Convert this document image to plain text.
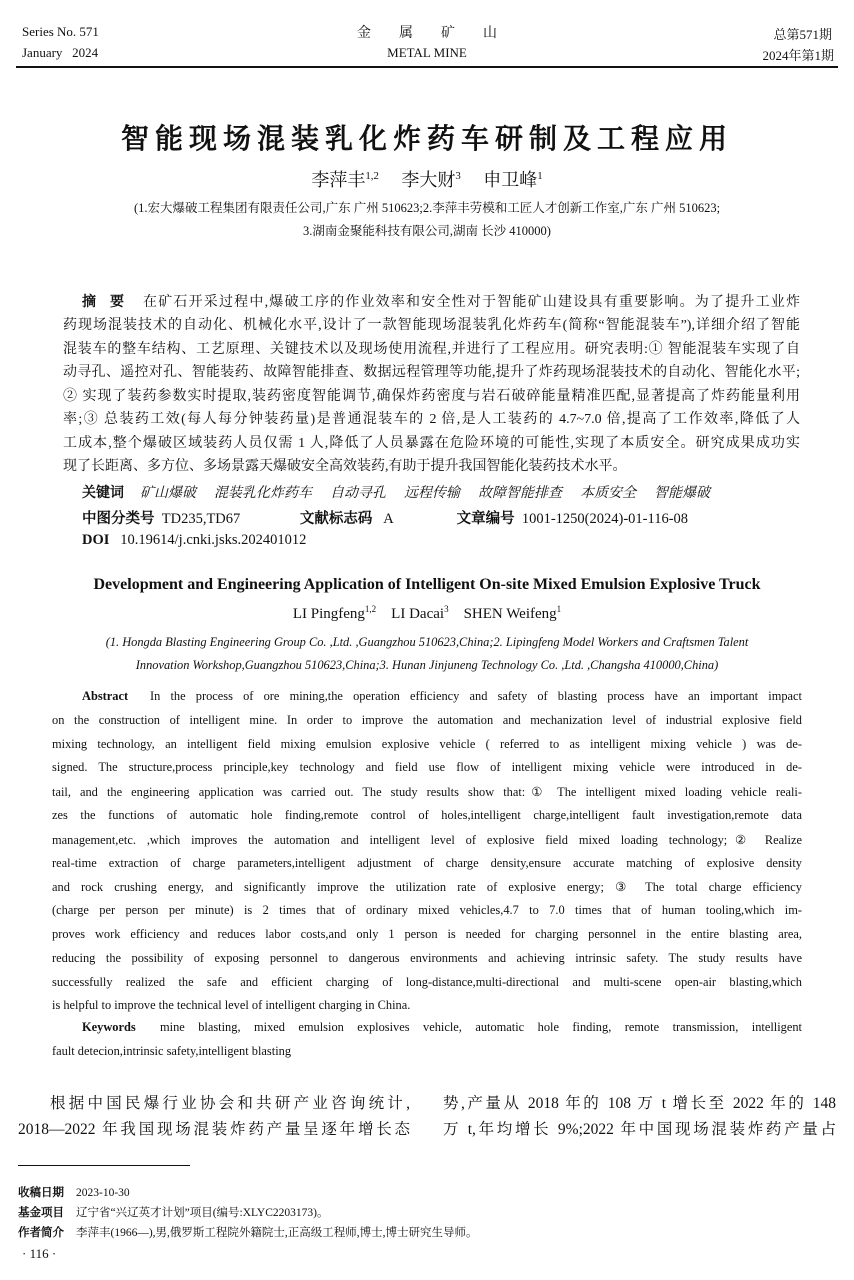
Series No. 571
January   2024
金　　属　　矿　　山
METAL MINE
总第571期
2024年第1期
智能现场混装乳化炸药车研制及工程应用
李萍丰$^{1,2}$  李大财$^3$  申卫峰$^1$
(1.宏大爆破工程集团有限责任公司,广东 广州 510623;2.李萍丰劳模和工匠人才创新工作室,广东 广州 510623;
3.湖南金聚能科技有限公司,湖南 长沙 410000)
摘　要 在矿石开采过程中,爆破工序的作业效率和安全性对于智能矿山建设具有重要影响。为了提升工业炸
药现场混装技术的自动化、机械化水平,设计了一款智能现场混装乳化炸药车(简称“智能混装车”),详细介绍了智能
混装车的整车结构、工艺原理、关键技术以及现场使用流程,并进行了工程应用。研究表明:① 智能混装车实现了自
动寻孔、遥控对孔、智能装药、故障智能排查、数据远程管理等功能,提升了炸药现场混装技术的自动化、智能化水平;
② 实现了装药参数实时提取,装药密度智能调节,确保炸药密度与岩石破碎能量精准匹配,显著提高了炸药能量利用
率;③ 总装药工效(每人每分钟装药量)是普通混装车的 2 倍,是人工装药的 4.7~7.0 倍,提高了工作效率,降低了人
工成本,整个爆破区域装药人员仅需 1 人,降低了人员暴露在危险环境的可能性,实现了本质安全。研究成果成功实
现了长距离、多方位、多场景露天爆破安全高效装药,有助于提升我国智能化装药技术水平。
关键词 矿山爆破 混装乳化炸药车 自动寻孔 远程传输 故障智能排查 本质安全 智能爆破
中图分类号 TD235,TD67	文献标志码 A	文章编号 1001-1250(2024)-01-116-08
DOI 10.19614/j.cnki.jsks.202401012
Development and Engineering Application of Intelligent On-site Mixed Emulsion Explosive Truck
LI Pingfeng$^{1,2}$  LI Dacai$^3$  SHEN Weifeng$^1$
(1. Hongda Blasting Engineering Group Co. ,Ltd. ,Guangzhou 510623,China;2. Lipingfeng Model Workers and Craftsmen Talent
Innovation Workshop,Guangzhou 510623,China;3. Hunan Jinjuneng Technology Co. ,Ltd. ,Changsha 410000,China)
Abstract In the process of ore mining,the operation efficiency and safety of blasting process have an important impact
on the construction of intelligent mine. In order to improve the automation and mechanization level of industrial explosive field
mixing technology, an intelligent field mixing emulsion explosive vehicle ( referred to as intelligent mixing vehicle ) was de-
signed. The structure,process principle,key technology and field use flow of intelligent mixing vehicle were introduced in de-
tail, and the engineering application was carried out. The study results show that:① The intelligent mixed loading vehicle reali-
zes the functions of automatic hole finding,remote control of holes,intelligent charge,intelligent fault investigation,remote data
management,etc. ,which improves the automation and intelligent level of explosive field mixed loading technology;② Realize
real-time extraction of charge parameters,intelligent adjustment of charge density,ensure accurate matching of explosive density
and rock crushing energy, and significantly improve the utilization rate of explosive energy; ③ The total charge efficiency
(charge per person per minute) is 2 times that of ordinary mixed vehicles,4.7 to 7.0 times that of human tooling,which im-
proves work efficiency and reduces labor costs,and only 1 person is needed for charging personnel in the entire blasting area,
reducing the possibility of exposing personnel to dangerous environments and achieving intrinsic safety. The study results have
successfully realized the safe and efficient charging of long-distance,multi-directional and multi-scene open-air blasting,which
is helpful to improve the technical level of intelligent charging in China.
Keywords mine blasting, mixed emulsion explosives vehicle, automatic hole finding, remote transmission, intelligent
fault detecion,intrinsic safety,intelligent blasting
根据中国民爆行业协会和共研产业咨询统计,
2018—2022 年我国现场混装炸药产量呈逐年增长态
势,产量从 2018 年的 108 万 t 增长至 2022 年的 148
万 t,年均增长 9%;2022 年中国现场混装炸药产量占
收稿日期 2023-10-30
基金项目 辽宁省“兴辽英才计划”项目(编号:XLYC2203173)。
作者简介 李萍丰(1966—),男,俄罗斯工程院外籍院士,正高级工程师,博士,博士研究生导师。
· 116 ·
